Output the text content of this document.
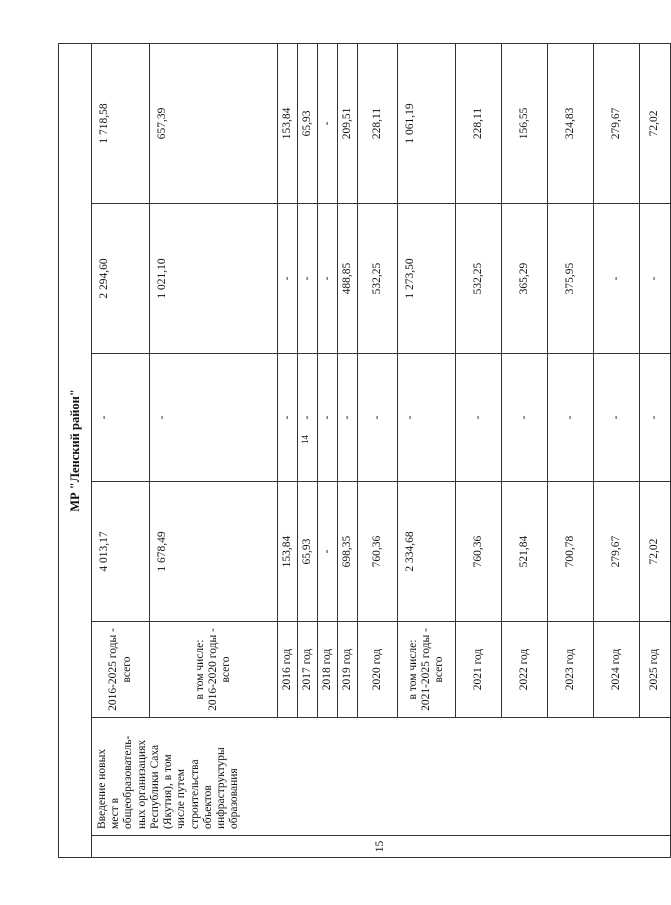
14
МР "Ленский район"						
15	Введение новых мест в общеобразователь-ных организациях Республики Саха (Якутия), в том числе путем строительства объектов инфраструктуры образования	2016-2025 годы - всего	4 013,17	-	2 294,60	1 718,58
		в том числе: 2016-2020 годы - всего	1 678,49	-	1 021,10	657,39
		2016 год	153,84	-	-	153,84
		2017 год	65,93	-	-	65,93
		2018 год	-	-	-	-
		2019 год	698,35	-	488,85	209,51
		2020 год	760,36	-	532,25	228,11
		в том числе: 2021-2025 годы - всего	2 334,68	-	1 273,50	1 061,19
		2021 год	760,36	-	532,25	228,11
		2022 год	521,84	-	365,29	156,55
		2023 год	700,78	-	375,95	324,83
		2024 год	279,67	-	-	279,67
		2025 год	72,02	-	-	72,02
